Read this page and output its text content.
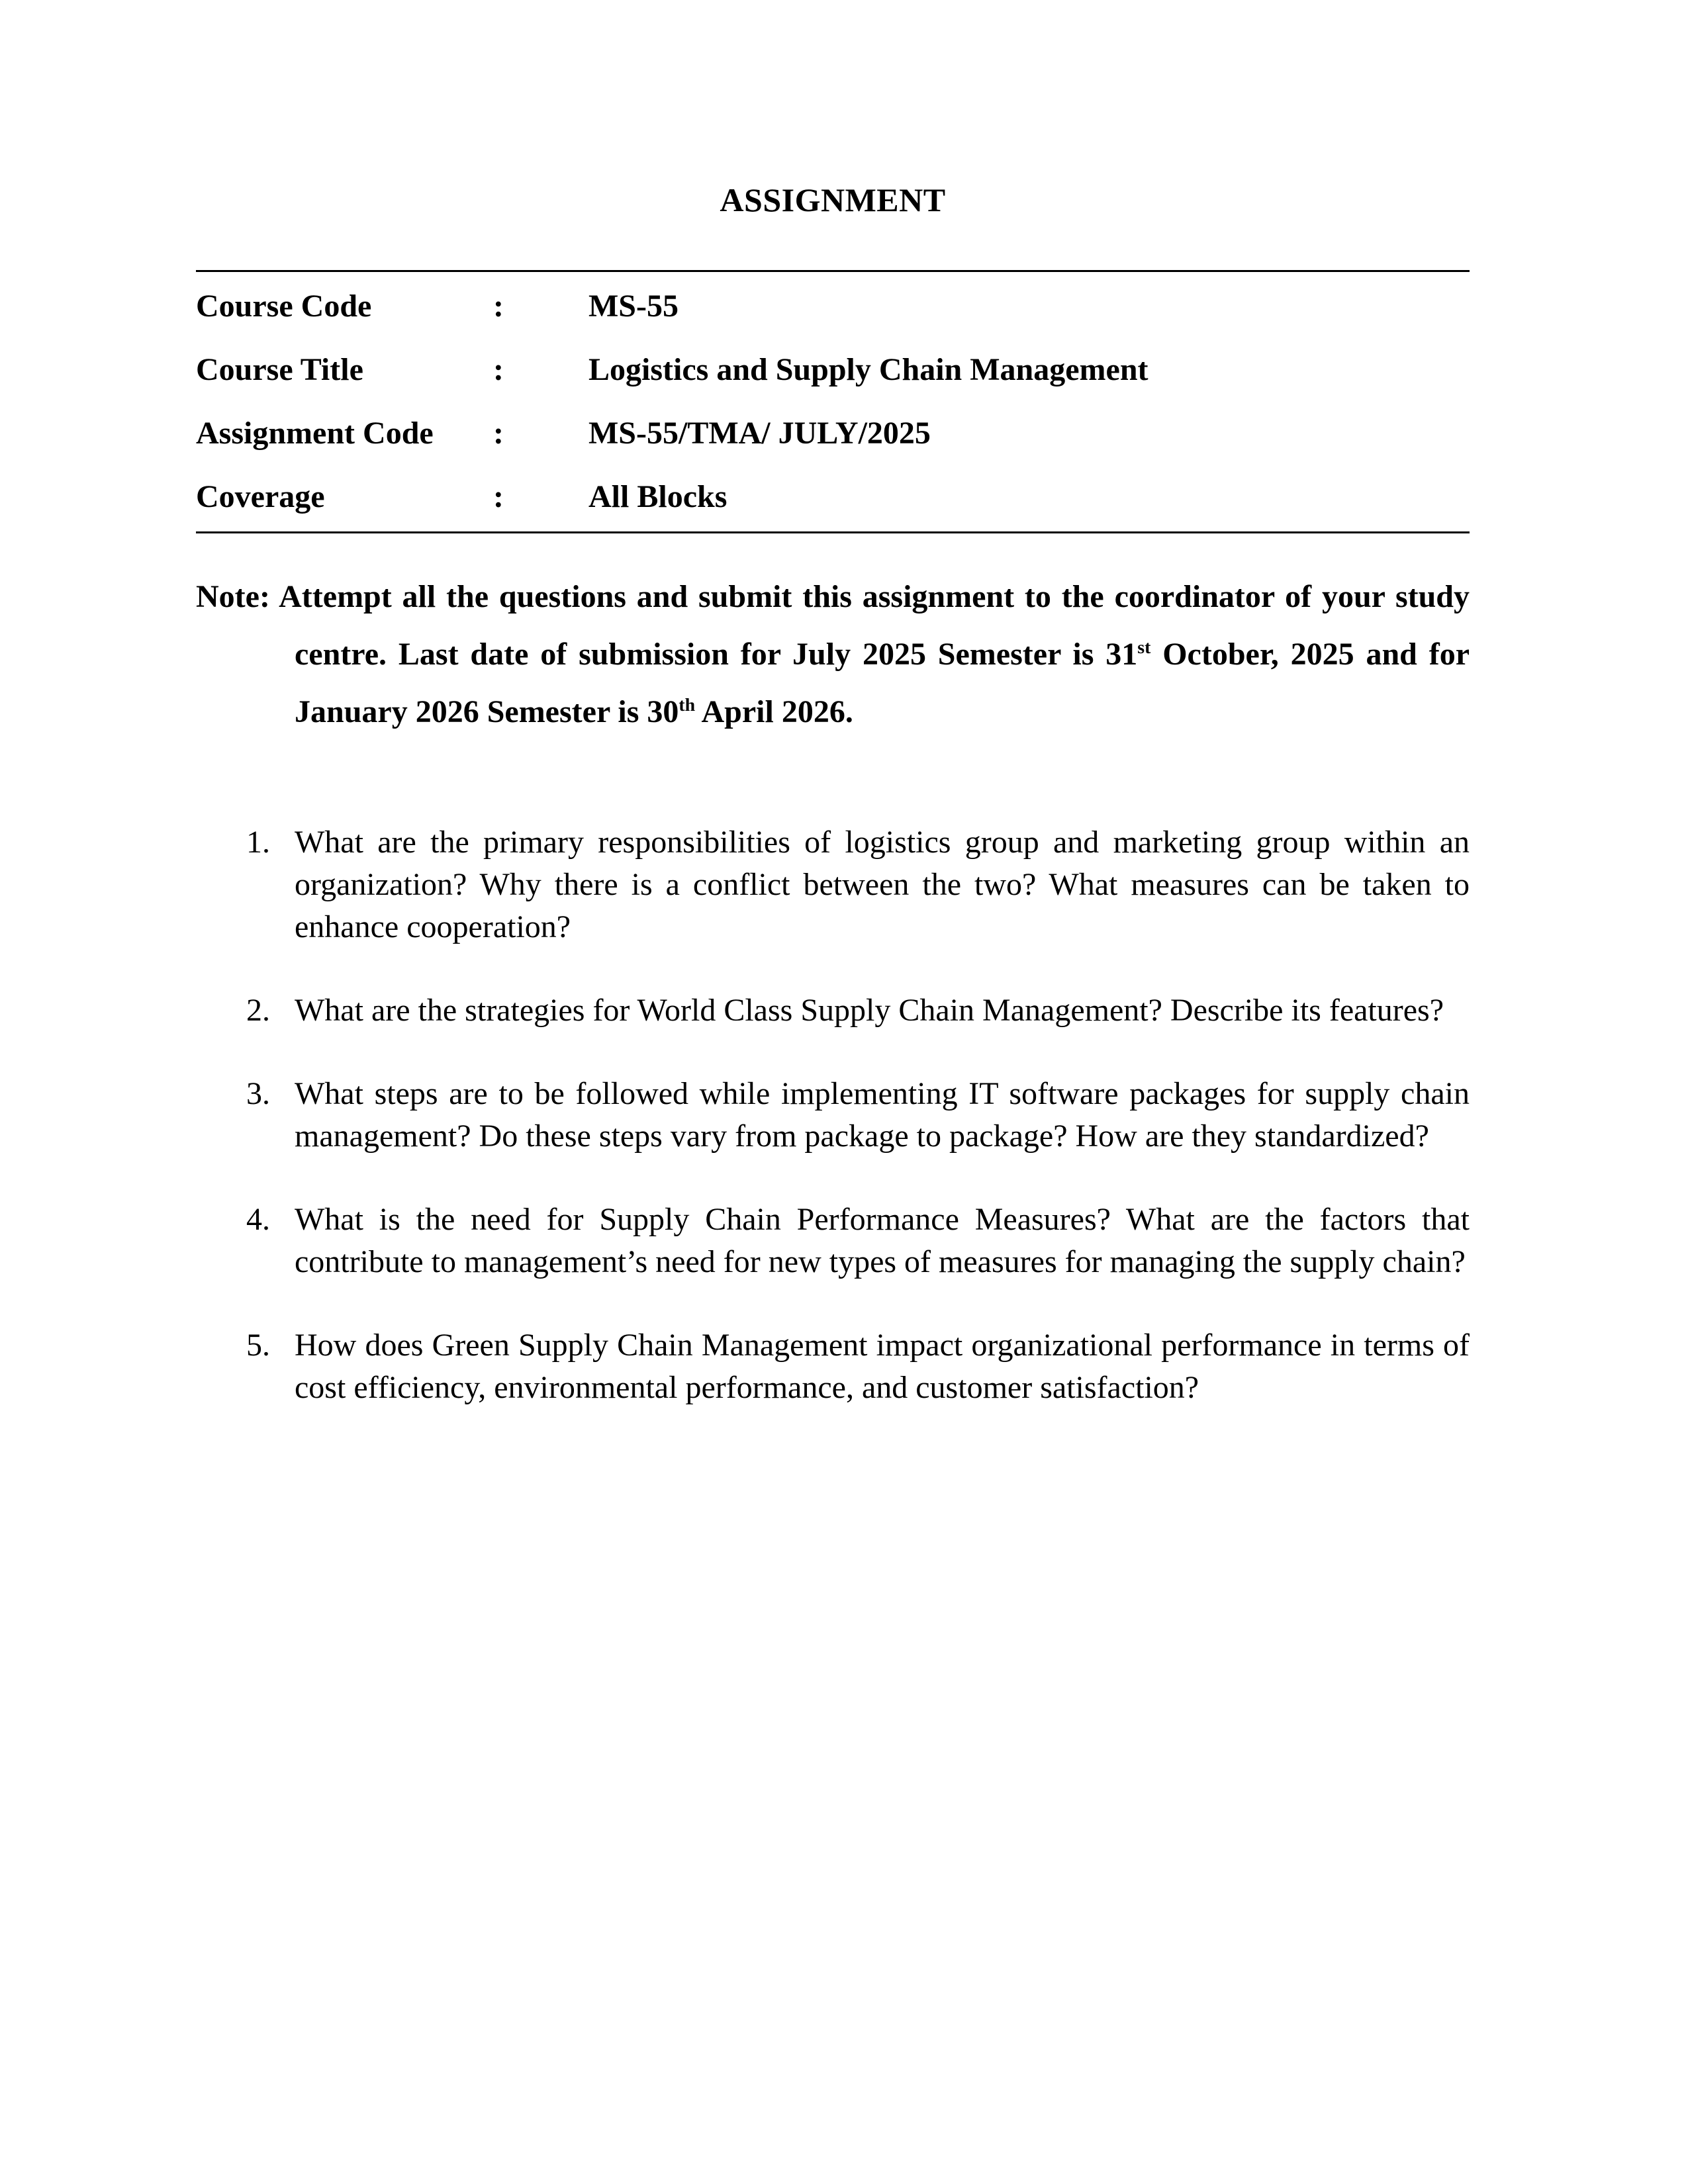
ASSIGNMENT
Course Code	:	MS-55
Course Title	:	Logistics and Supply Chain Management
Assignment Code	:	MS-55/TMA/ JULY/2025
Coverage	:	All Blocks

Note: Attempt all the questions and submit this assignment to the coordinator of your study centre. Last date of submission for July 2025 Semester is 31st October, 2025 and for January 2026 Semester is 30th April 2026.

1. What are the primary responsibilities of logistics group and marketing group within an organization? Why there is a conflict between the two? What measures can be taken to enhance cooperation?
2. What are the strategies for World Class Supply Chain Management? Describe its features?
3. What steps are to be followed while implementing IT software packages for supply chain management? Do these steps vary from package to package? How are they standardized?
4. What is the need for Supply Chain Performance Measures? What are the factors that contribute to management’s need for new types of measures for managing the supply chain?
5. How does Green Supply Chain Management impact organizational performance in terms of cost efficiency, environmental performance, and customer satisfaction?
